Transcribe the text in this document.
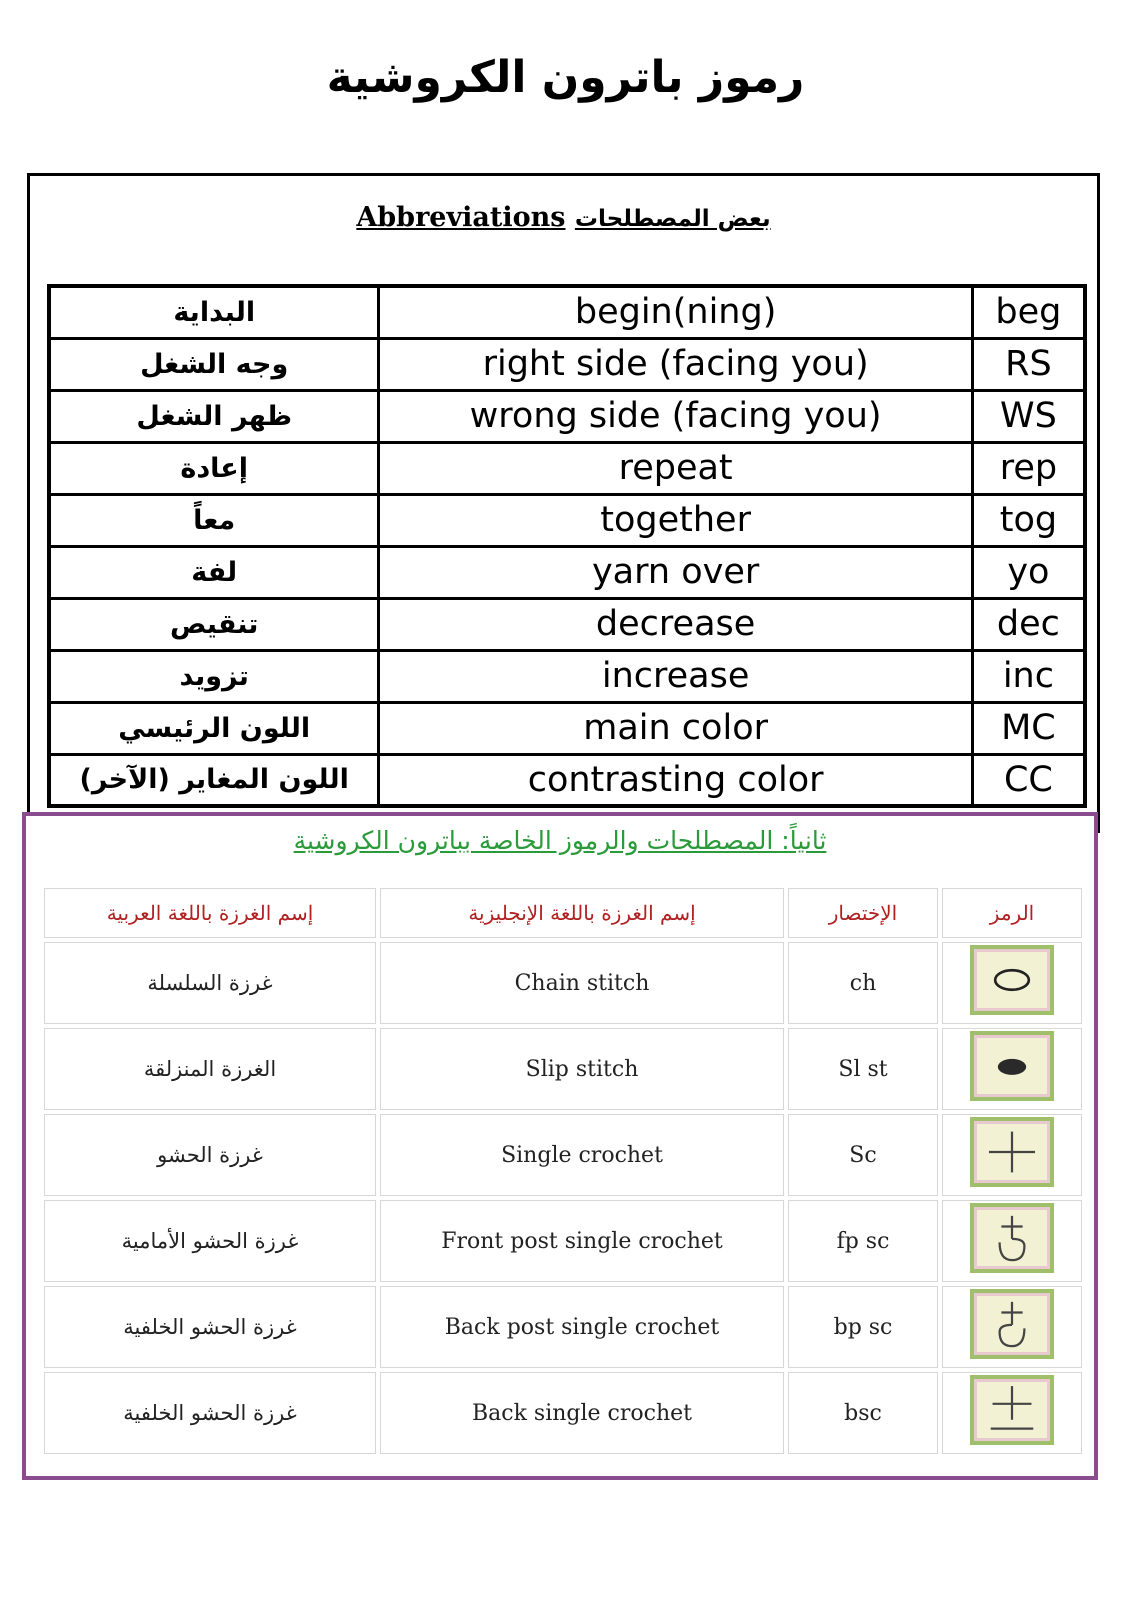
رموز باترون الكروشية
Abbreviations بعض المصطلحات
البداية	begin(ning)	beg
وجه الشغل	right side (facing you)	RS
ظهر الشغل	wrong side (facing you)	WS
إعادة	repeat	rep
معاً	together	tog
لفة	yarn over	yo
تنقيص	decrease	dec
تزويد	increase	inc
اللون الرئيسي	main color	MC
اللون المغاير (الآخر)	contrasting color	CC
ثانياً: المصطلحات والرموز الخاصة بباترون الكروشية
إسم الغرزة باللغة العربية	إسم الغرزة باللغة الإنجليزية	الإختصار	الرمز
غرزة السلسلة	Chain stitch	ch	

الغرزة المنزلقة	Slip stitch	Sl st	

غرزة الحشو	Single crochet	Sc	

غرزة الحشو الأمامية	Front post single crochet	fp sc	

غرزة الحشو الخلفية	Back post single crochet	bp sc	

غرزة الحشو الخلفية	Back single crochet	bsc	
